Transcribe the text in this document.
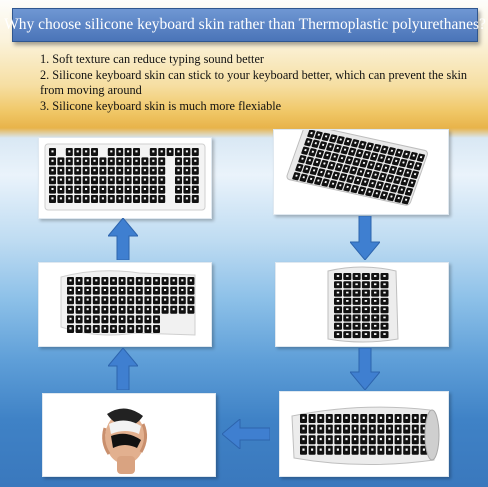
Why choose silicone keyboard skin rather than Thermoplastic polyurethanes?
1. Soft texture can reduce typing sound better
2. Silicone keyboard skin can stick to your keyboard better, which can prevent the skin from moving around
3. Silicone keyboard skin is much more flexiable
